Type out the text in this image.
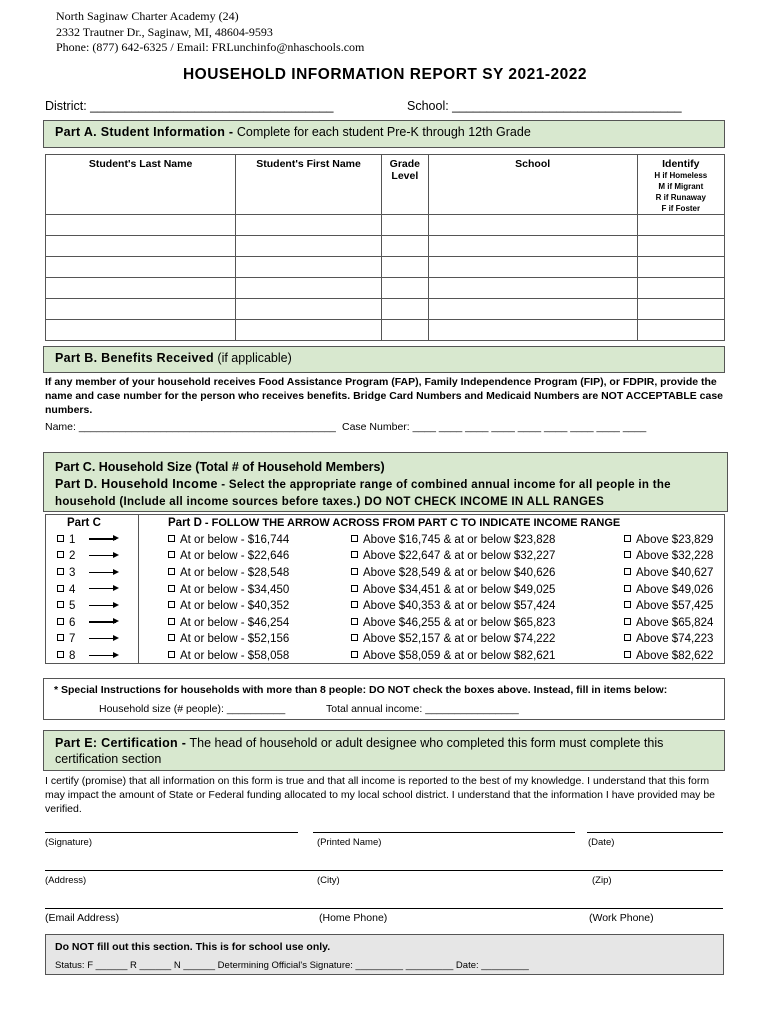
North Saginaw Charter Academy (24)
2332 Trautner Dr., Saginaw, MI, 48604-9593
Phone: (877) 642-6325 / Email: FRLunchinfo@nhaschools.com
HOUSEHOLD INFORMATION REPORT SY 2021-2022
District: ___________________________________	School: _________________________________
Part A. Student Information - Complete for each student Pre-K through 12th Grade
Student's Last Name	Student's First Name	Grade Level	School	Identify
H if Homeless
M if Migrant
R if Runaway
F if Foster

Part B. Benefits Received (if applicable)
If any member of your household receives Food Assistance Program (FAP), Family Independence Program (FIP), or FDPIR, provide the name and case number for the person who receives benefits. Bridge Card Numbers and Medicaid Numbers are NOT ACCEPTABLE case numbers.
Name: ____________________________________________ Case Number: ____ ____ ____ ____ ____ ____ ____ ____ ____
Part C. Household Size (Total # of Household Members)
Part D. Household Income - Select the appropriate range of combined annual income for all people in the household (Include all income sources before taxes.) DO NOT CHECK INCOME IN ALL RANGES
Part C	Part D - FOLLOW THE ARROW ACROSS FROM PART C TO INDICATE INCOME RANGE		
1	At or below - $16,744	Above $16,745 & at or below $23,828	Above $23,829
2	At or below - $22,646	Above $22,647 & at or below $32,227	Above $32,228
3	At or below - $28,548	Above $28,549 & at or below $40,626	Above $40,627
4	At or below - $34,450	Above $34,451 & at or below $49,025	Above $49,026
5	At or below - $40,352	Above $40,353 & at or below $57,424	Above $57,425
6	At or below - $46,254	Above $46,255 & at or below $65,823	Above $65,824
7	At or below - $52,156	Above $52,157 & at or below $74,222	Above $74,223
8	At or below - $58,058	Above $58,059 & at or below $82,621	Above $82,622
* Special Instructions for households with more than 8 people: DO NOT check the boxes above. Instead, fill in items below:
Household size (# people): __________	Total annual income: ________________
Part E: Certification - The head of household or adult designee who completed this form must complete this certification section
I certify (promise) that all information on this form is true and that all income is reported to the best of my knowledge. I understand that this form may impact the amount of State or Federal funding allocated to my local school district. I understand that the information I have provided may be verified.
(Signature)	(Printed Name)	(Date)
(Address)	(City)	(Zip)
(Email Address)	(Home Phone)	(Work Phone)
Do NOT fill out this section. This is for school use only.
Status: F ______ R ______ N ______ Determining Official's Signature: _________ _________ Date: _________
